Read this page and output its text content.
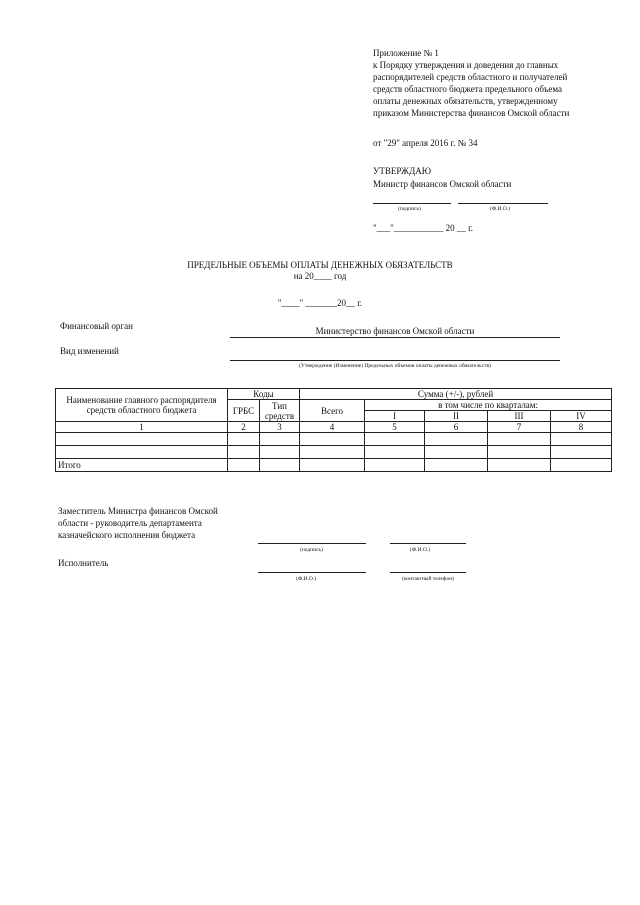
Приложение № 1
к Порядку утверждения и доведения до главных
распорядителей средств областного и получателей
средств областного бюджета предельного объема
оплаты денежных обязательств, утвержденному
приказом Министерства финансов Омской области
от "29" апреля 2016 г. № 34
УТВЕРЖДАЮ
Министр финансов Омской области
(подпись)	(Ф.И.О.)
"___"___________ 20 __ г.
ПРЕДЕЛЬНЫЕ ОБЪЕМЫ ОПЛАТЫ ДЕНЕЖНЫХ ОБЯЗАТЕЛЬСТВ
на 20____ год
"____" _______20__ г.
Финансовый орган	Министерство финансов Омской области
Вид изменений
(Утверждение (Изменение) Предельных объемов оплаты денежных обязательств)
Наименование главного распорядителя средств областного бюджета	Коды		Сумма (+/-), рублей				
	ГРБС	Тип средств	Всего	в том числе по кварталам:			
				I	II	III	IV
1	2	3	4	5	6	7	8

Итого							
Заместитель Министра финансов Омской
области - руководитель департамента
казначейского исполнения бюджета
(подпись)	(Ф.И.О.)
Исполнитель
(Ф.И.О.)	(контактный телефон)
